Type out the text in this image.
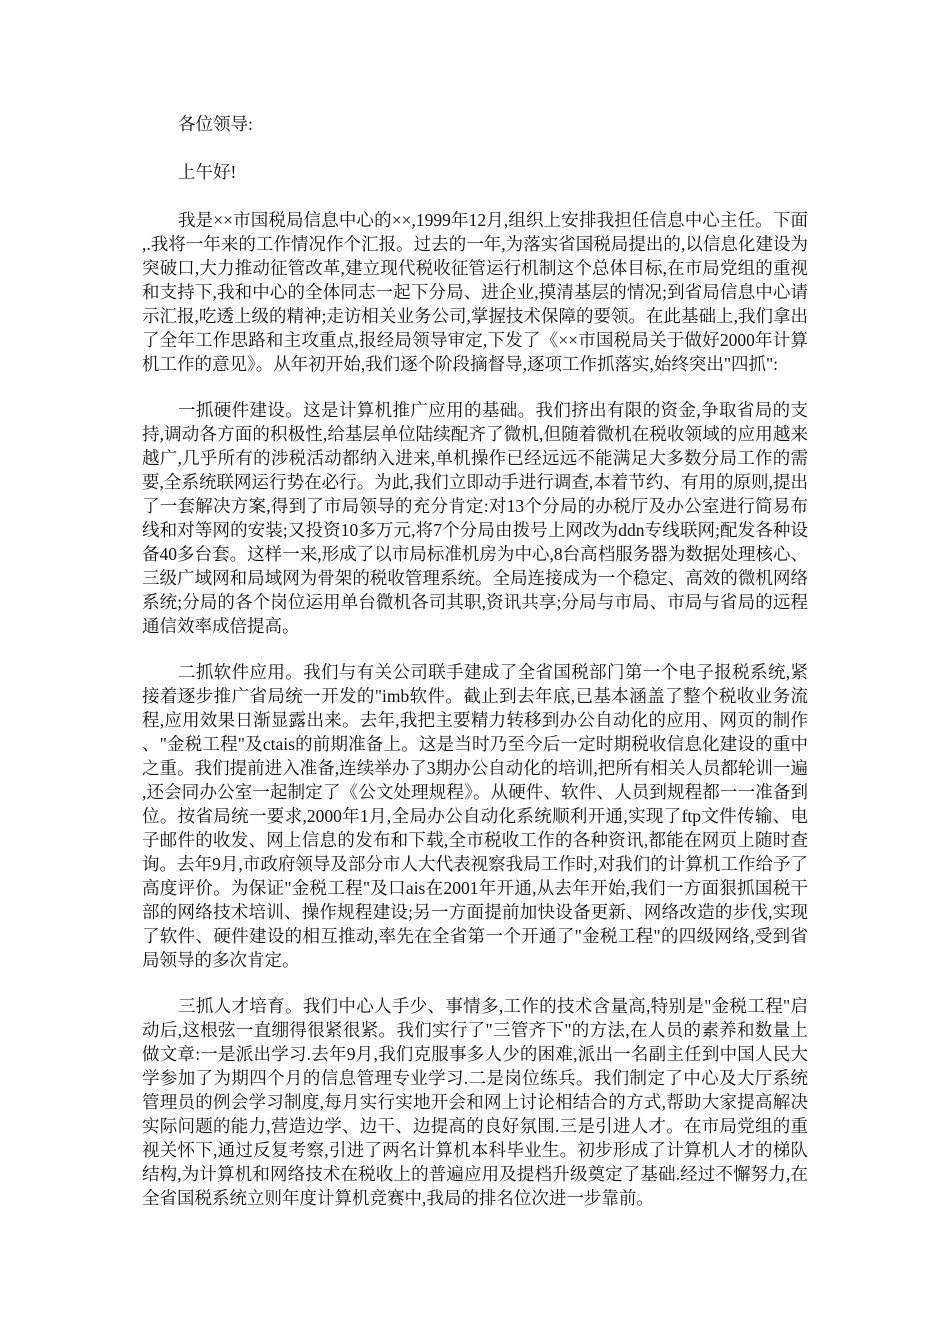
各位领导:

上午好!

我是××市国税局信息中心的××,1999年12月,组织上安排我担任信息中心主任。下面,.我将一年来的工作情况作个汇报。过去的一年,为落实省国税局提出的,以信息化建设为突破口,大力推动征管改革,建立现代税收征管运行机制这个总体目标,在市局党组的重视和支持下,我和中心的全体同志一起下分局、进企业,摸清基层的情况;到省局信息中心请示汇报,吃透上级的精神;走访相关业务公司,掌握技术保障的要领。在此基础上,我们拿出了全年工作思路和主攻重点,报经局领导审定,下发了《××市国税局关于做好2000年计算机工作的意见》。从年初开始,我们逐个阶段摘督导,逐项工作抓落实,始终突出"四抓":

一抓硬件建设。这是计算机推广应用的基础。我们挤出有限的资金,争取省局的支持,调动各方面的积极性,给基层单位陆续配齐了微机,但随着微机在税收领域的应用越来越广,几乎所有的涉税活动都纳入进来,单机操作已经远远不能满足大多数分局工作的需要,全系统联网运行势在必行。为此,我们立即动手进行调查,本着节约、有用的原则,提出了一套解决方案,得到了市局领导的充分肯定:对13个分局的办税厅及办公室进行简易布线和对等网的安装;又投资10多万元,将7个分局由拨号上网改为ddn专线联网;配发各种设备40多台套。这样一来,形成了以市局标准机房为中心,8台高档服务器为数据处理核心、三级广域网和局域网为骨架的税收管理系统。全局连接成为一个稳定、高效的微机网络系统;分局的各个岗位运用单台微机各司其职,资讯共享;分局与市局、市局与省局的远程通信效率成倍提高。

二抓软件应用。我们与有关公司联手建成了全省国税部门第一个电子报税系统,紧接着逐步推广省局统一开发的"imb软件。截止到去年底,已基本涵盖了整个税收业务流程,应用效果日渐显露出来。去年,我把主要精力转移到办公自动化的应用、网页的制作、"金税工程"及ctais的前期准备上。这是当时乃至今后一定时期税收信息化建设的重中之重。我们提前进入准备,连续举办了3期办公自动化的培训,把所有相关人员都轮训一遍,还会同办公室一起制定了《公文处理规程》。从硬件、软件、人员到规程都一一准备到位。按省局统一要求,2000年1月,全局办公自动化系统顺利开通,实现了ftp文件传输、电子邮件的收发、网上信息的发布和下载,全市税收工作的各种资讯,都能在网页上随时查询。去年9月,市政府领导及部分市人大代表视察我局工作时,对我们的计算机工作给予了高度评价。为保证"金税工程"及口ais在2001年开通,从去年开始,我们一方面狠抓国税干部的网络技术培训、操作规程建设;另一方面提前加快设备更新、网络改造的步伐,实现了软件、硬件建设的相互推动,率先在全省第一个开通了"金税工程"的四级网络,受到省局领导的多次肯定。

三抓人才培育。我们中心人手少、事情多,工作的技术含量高,特别是"金税工程"启动后,这根弦一直绷得很紧很紧。我们实行了"三管齐下"的方法,在人员的素养和数量上做文章:一是派出学习.去年9月,我们克服事多人少的困难,派出一名副主任到中国人民大学参加了为期四个月的信息管理专业学习.二是岗位练兵。我们制定了中心及大厅系统管理员的例会学习制度,每月实行实地开会和网上讨论相结合的方式,帮助大家提高解决实际问题的能力,营造边学、边干、边提高的良好氛围.三是引进人才。在市局党组的重视关怀下,通过反复考察,引进了两名计算机本科毕业生。初步形成了计算机人才的梯队结构,为计算机和网络技术在税收上的普遍应用及提档升级奠定了基础.经过不懈努力,在全省国税系统立则年度计算机竞赛中,我局的排名位次进一步靠前。
